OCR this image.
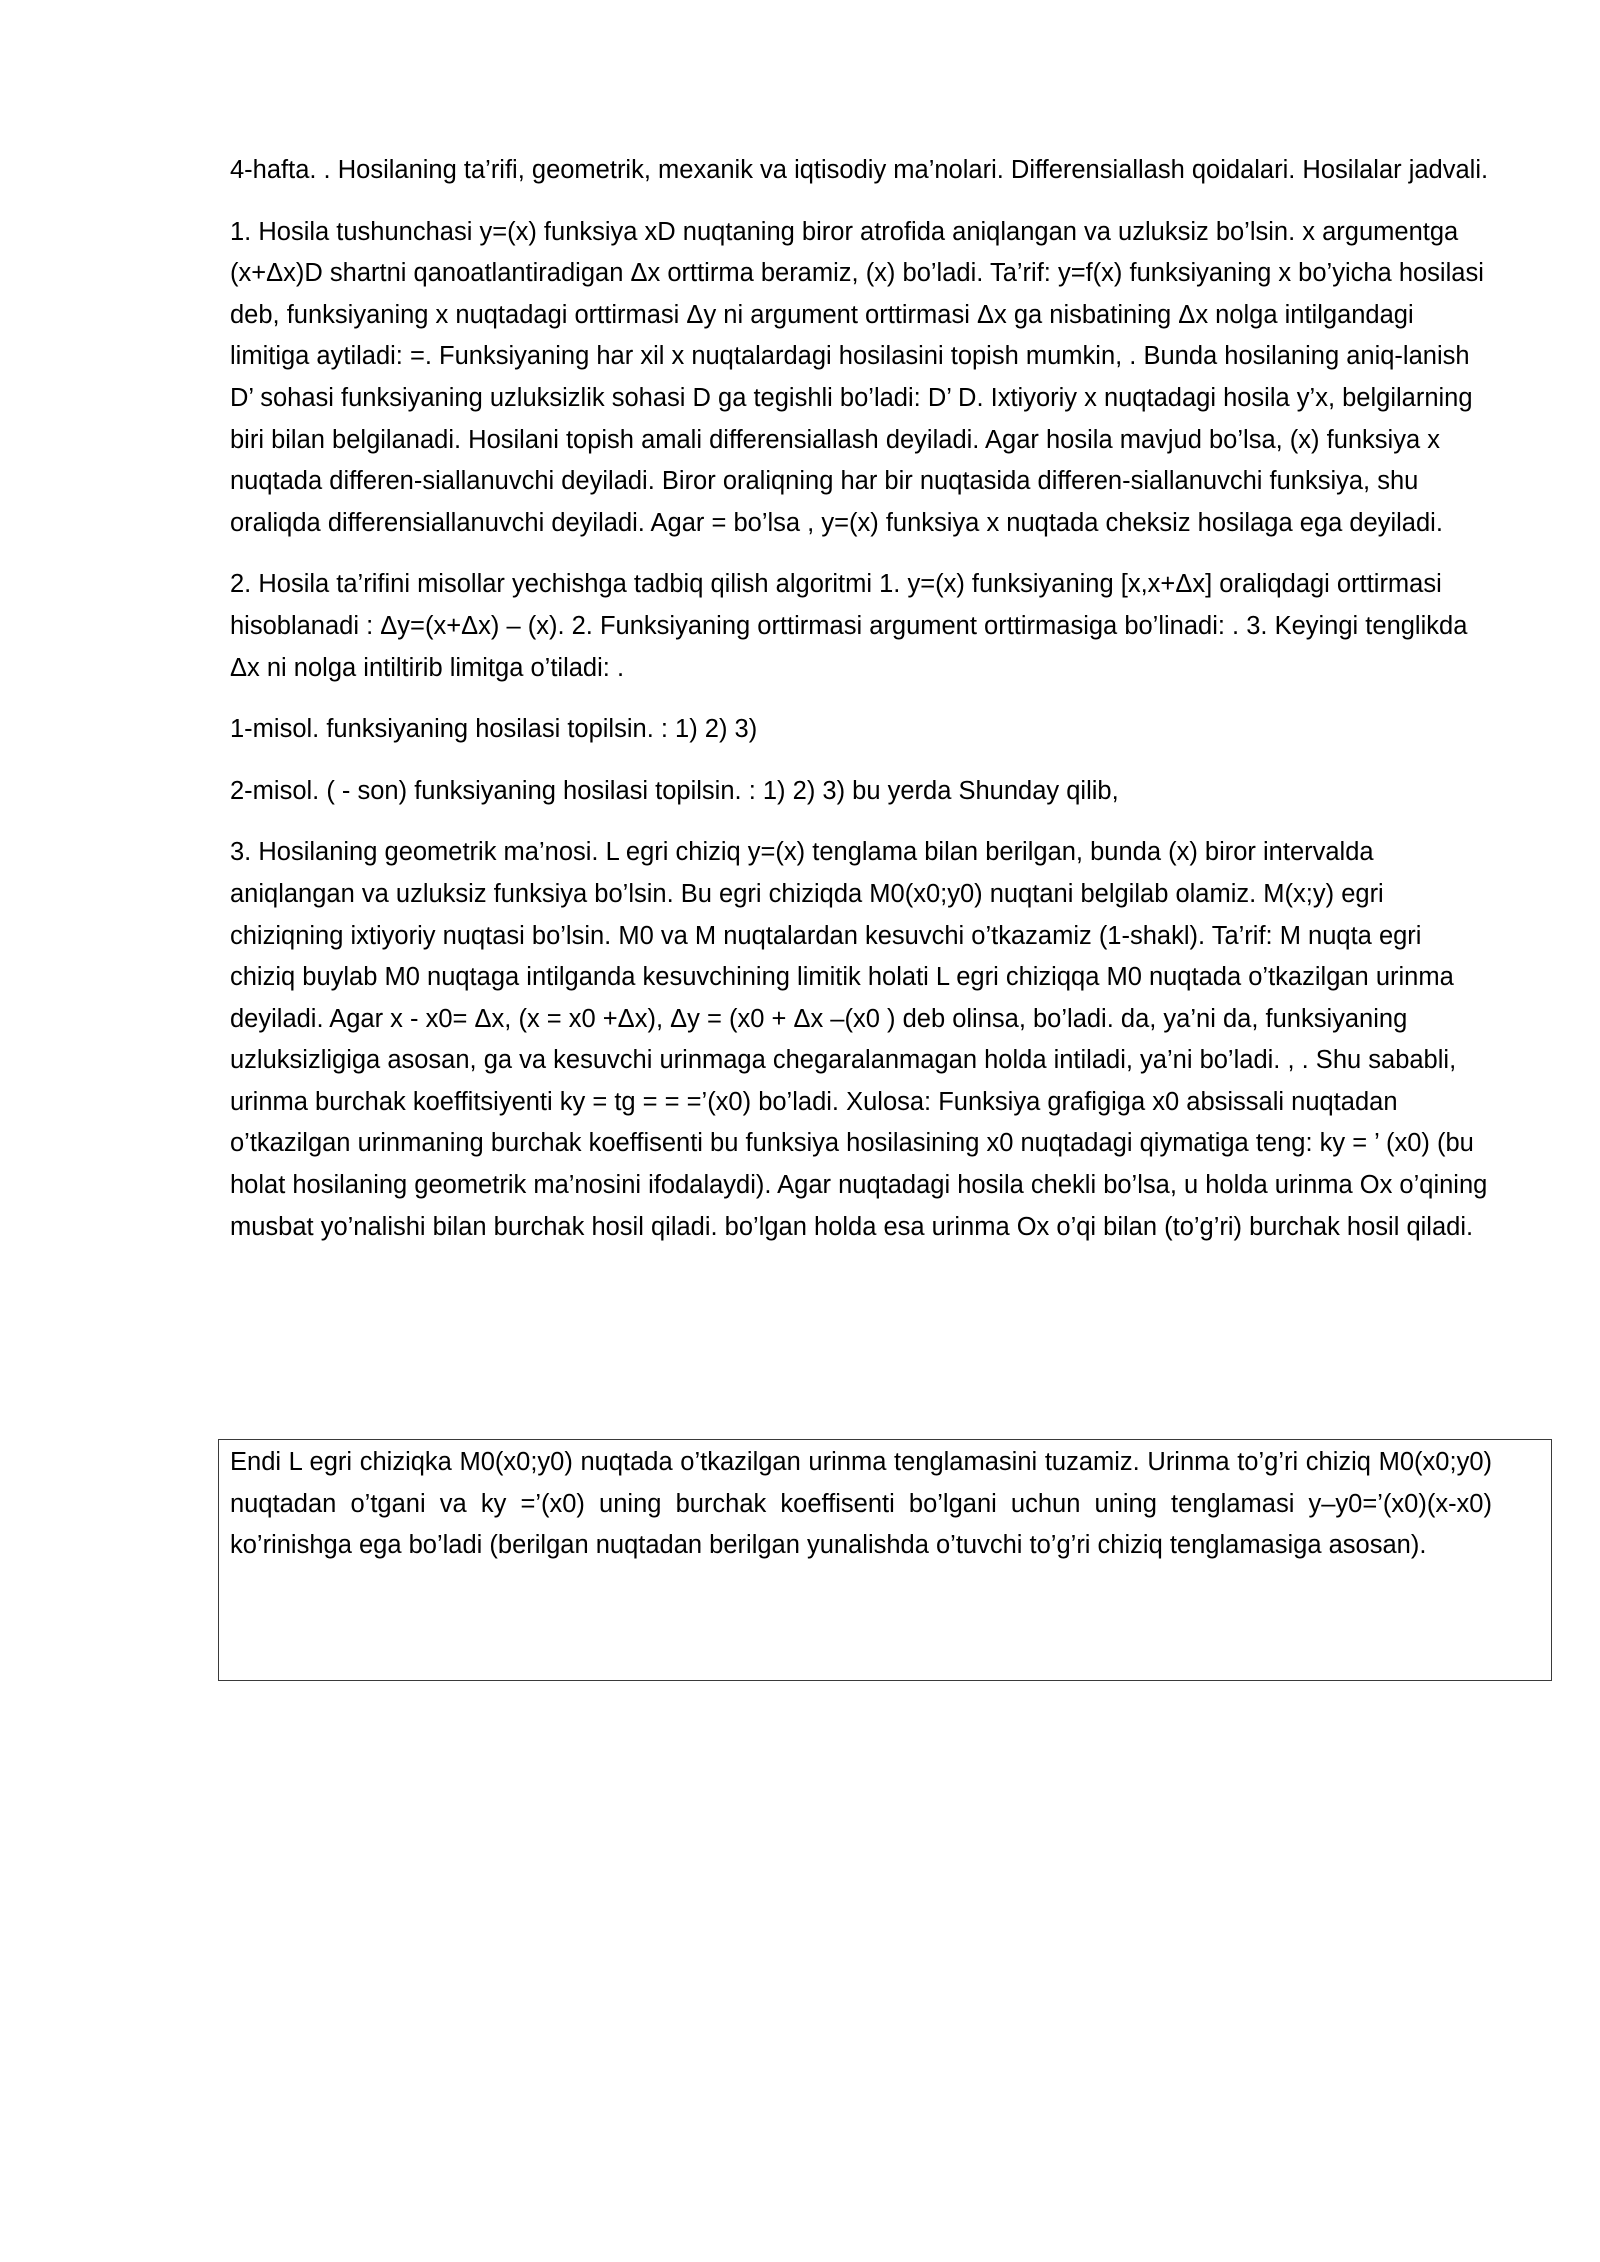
4-hafta. . Hosilaning ta’rifi, geometrik, mexanik va iqtisodiy ma’nolari. Differensiallash qoidalari. Hosilalar jadvali.

1. Hosila tushunchasi y=(x) funksiya xD nuqtaning biror atrofida aniqlangan va uzluksiz bo’lsin. x argumentga (x+Δx)D shartni qanoatlantiradigan Δx orttirma beramiz, (x) bo’ladi. Ta’rif: y=f(x) funksiyaning x bo’yicha hosilasi deb, funksiyaning x nuqtadagi orttirmasi Δy ni argument orttirmasi Δx ga nisbatining Δx nolga intilgandagi limitiga aytiladi: =. Funksiyaning har xil x nuqtalardagi hosilasini topish mumkin, . Bunda hosilaning aniq-lanish D’ sohasi funksiyaning uzluksizlik sohasi D ga tegishli bo’ladi: D’ D. Ixtiyoriy x nuqtadagi hosila y’x, belgilarning biri bilan belgilanadi. Hosilani topish amali differensiallash deyiladi. Agar hosila mavjud bo’lsa, (x) funksiya x nuqtada differen-siallanuvchi deyiladi. Biror oraliqning har bir nuqtasida differen-siallanuvchi funksiya, shu oraliqda differensiallanuvchi deyiladi. Agar = bo’lsa , y=(x) funksiya x nuqtada cheksiz hosilaga ega deyiladi.

2. Hosila ta’rifini misollar yechishga tadbiq qilish algoritmi 1. y=(x) funksiyaning [x,x+Δx] oraliqdagi orttirmasi hisoblanadi : Δy=(x+Δx) – (x). 2. Funksiyaning orttirmasi argument orttirmasiga bo’linadi: . 3. Keyingi tenglikda Δx ni nolga intiltirib limitga o’tiladi: .

1-misol. funksiyaning hosilasi topilsin. : 1) 2) 3)

2-misol. ( - son) funksiyaning hosilasi topilsin. : 1) 2) 3) bu yerda Shunday qilib,

3. Hosilaning geometrik ma’nosi. L egri chiziq y=(x) tenglama bilan berilgan, bunda (x) biror intervalda aniqlangan va uzluksiz funksiya bo’lsin. Bu egri chiziqda M0(x0;y0) nuqtani belgilab olamiz. M(x;y) egri chiziqning ixtiyoriy nuqtasi bo’lsin. M0 va M nuqtalardan kesuvchi o’tkazamiz (1-shakl). Ta’rif: M nuqta egri chiziq buylab M0 nuqtaga intilganda kesuvchining limitik holati L egri chiziqqa M0 nuqtada o’tkazilgan urinma deyiladi. Agar x - x0= Δx, (x = x0 +Δx), Δy = (x0 + Δx –(x0 ) deb olinsa, bo’ladi. da, ya’ni da, funksiyaning uzluksizligiga asosan, ga va kesuvchi urinmaga chegaralanmagan holda intiladi, ya’ni bo’ladi. , . Shu sababli, urinma burchak koeffitsiyenti ky = tg = = =’(x0) bo’ladi. Xulosa: Funksiya grafigiga x0 absissali nuqtadan o’tkazilgan urinmaning burchak koeffisenti bu funksiya hosilasining x0 nuqtadagi qiymatiga teng: ky = ’ (x0) (bu holat hosilaning geometrik ma’nosini ifodalaydi). Agar nuqtadagi hosila chekli bo’lsa, u holda urinma Ox o’qining musbat yo’nalishi bilan burchak hosil qiladi. bo’lgan holda esa urinma Ox o’qi bilan (to’g’ri) burchak hosil qiladi.

Endi L egri chiziqka M0(x0;y0) nuqtada o’tkazilgan urinma tenglamasini tuzamiz. Urinma to’g’ri chiziq M0(x0;y0) nuqtadan o’tgani va ky =’(x0) uning burchak koeffisenti bo’lgani uchun uning tenglamasi y–y0=’(x0)(x-x0) ko’rinishga ega bo’ladi (berilgan nuqtadan berilgan yunalishda o’tuvchi to’g’ri chiziq tenglamasiga asosan).
